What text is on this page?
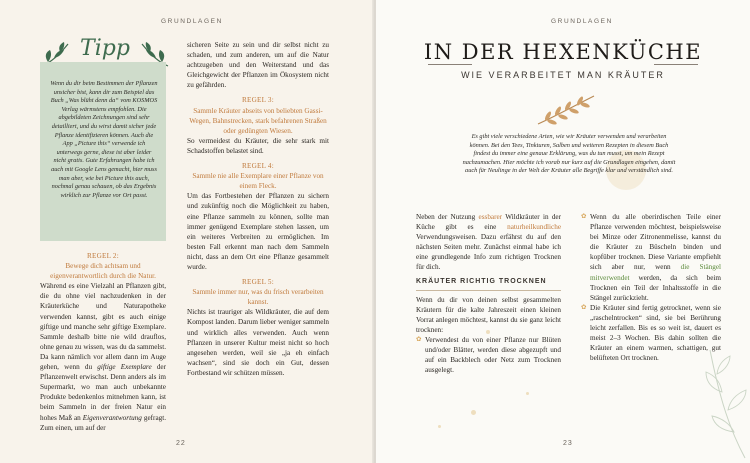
GRUNDLAGEN
Tipp
Wenn du dir beim Bestimmen der Pflanzen unsicher bist, kann dir zum Beispiel das Buch „Was blüht denn da“ vom KOSMOS Verlag wärmstens empfohlen. Die abgebildeten Zeichnungen sind sehr detailliert, und du wirst damit sicher jede Pflanze identifizieren können. Auch die App „Picture this“ verwende ich unterwegs gerne, diese ist aber leider nicht gratis. Gute Erfahrungen habe ich auch mit Google Lens gemacht, hier muss man aber, wie bei Picture this auch, nochmal genau schauen, ob das Ergebnis wirklich zur Pflanze vor Ort passt.
REGEL 2:
Bewege dich achtsam und eigenverantwortlich durch die Natur.
Während es eine Vielzahl an Pflanzen gibt, die du ohne viel nachzudenken in der Kräuterküche und Naturapotheke verwenden kannst, gibt es auch einige giftige und manche sehr giftige Exemplare. Sammle deshalb bitte nie wild drauflos, ohne genau zu wissen, was du da sammelst. Da kann nämlich vor allem dann im Auge gehen, wenn du giftige Exemplare der Pflanzenwelt erwischst. Denn anders als im Supermarkt, wo man auch unbekannte Produkte bedenkenlos mitnehmen kann, ist beim Sammeln in der freien Natur ein hohes Maß an Eigenverantwortung gefragt. Zum einen, um auf der
sicheren Seite zu sein und dir selbst nicht zu schaden, und zum anderen, um auf die Natur achtzugeben und den Weiterstand und das Gleichgewicht der Pflanzen im Ökosystem nicht zu gefährden.
REGEL 3:
Sammle Kräuter abseits von beliebten Gassi-Wegen, Bahnstrecken, stark befahrenen Straßen oder gedüngten Wiesen.
So vermeidest du Kräuter, die sehr stark mit Schadstoffen belastet sind.
REGEL 4:
Sammle nie alle Exemplare einer Pflanze von einem Fleck.
Um das Fortbestehen der Pflanzen zu sichern und zukünftig noch die Möglichkeit zu haben, eine Pflanze sammeln zu können, sollte man immer genügend Exemplare stehen lassen, um ein weiteres Verbreiten zu ermöglichen. Im besten Fall erkennt man nach dem Sammeln nicht, dass an dem Ort eine Pflanze gesammelt wurde.
REGEL 5:
Sammle immer nur, was du frisch verarbeiten kannst.
Nichts ist trauriger als Wildkräuter, die auf dem Kompost landen. Darum lieber weniger sammeln und wirklich alles verwenden. Auch wenn Pflanzen in unserer Kultur meist nicht so hoch angesehen werden, weil sie „ja eh einfach wachsen“, sind sie doch ein Gut, dessen Fortbestand wir schützen müssen.
22
GRUNDLAGEN
IN DER HEXENKÜCHE
WIE VERARBEITET MAN KRÄUTER
Es gibt viele verschiedene Arten, wie wir Kräuter verwenden und verarbeiten können. Bei den Tees, Tinkturen, Salben und weiteren Rezepten in diesem Buch findest du immer eine genaue Erklärung, was du tun musst, um mein Rezept nachzumachen. Hier möchte ich vorab nur kurz auf die Grundlagen eingehen, damit auch für Neulinge in der Welt der Kräuter alle Begriffe klar und verständlich sind.
Neben der Nutzung essbarer Wildkräuter in der Küche gibt es eine naturheilkundliche Verwendungsweisen. Dazu erfährst du auf den nächsten Seiten mehr. Zunächst einmal habe ich eine grundlegende Info zum richtigen Trocknen für dich.
KRÄUTER RICHTIG TROCKNEN
Wenn du dir von deinen selbst gesammelten Kräutern für die kalte Jahreszeit einen kleinen Vorrat anlegen möchtest, kannst du sie ganz leicht trocknen:
✿ Verwendest du von einer Pflanze nur Blüten und/oder Blätter, werden diese abgezupft und auf ein Backblech oder Netz zum Trocknen ausgelegt.
✿ Wenn du alle oberirdischen Teile einer Pflanze verwenden möchtest, beispielsweise bei Minze oder Zitronenmelisse, kannst du die Kräuter zu Büscheln binden und kopfüber trocknen. Diese Variante empfiehlt sich aber nur, wenn die Stängel mitverwendet werden, da sich beim Trocknen ein Teil der Inhaltsstoffe in die Stängel zurückzieht.
✿ Die Kräuter sind fertig getrocknet, wenn sie „raschelntrocken“ sind, sie bei Berührung leicht zerfallen. Bis es so weit ist, dauert es meist 2–3 Wochen. Bis dahin sollten die Kräuter an einem warmen, schattigen, gut belüfteten Ort trocknen.
23
